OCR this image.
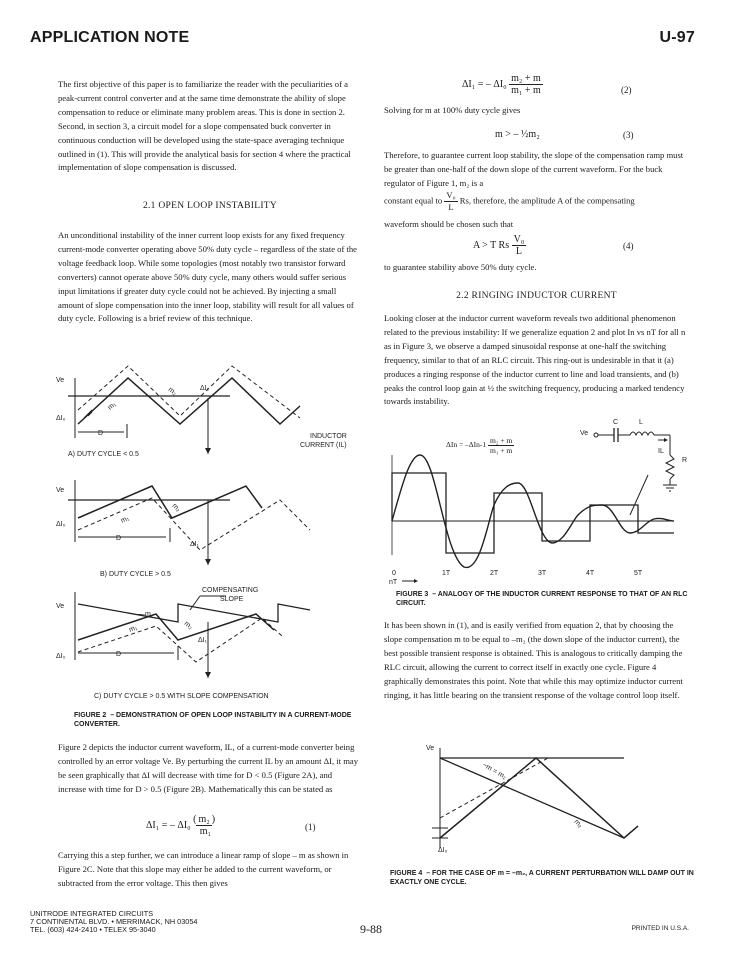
APPLICATION NOTE	U-97
The first objective of this paper is to familiarize the reader with the peculiarities of a peak-current control converter and at the same time demonstrate the ability of slope compensation to reduce or eliminate many problem areas. This is done in section 2. Second, in section 3, a circuit model for a slope compensated buck converter in continuous conduction will be developed using the state-space averaging technique outlined in (1). This will provide the analytical basis for section 4 where the practical implementation of slope compensation is discussed.
2.1 OPEN LOOP INSTABILITY
An unconditional instability of the inner current loop exists for any fixed frequency current-mode converter operating above 50% duty cycle – regardless of the state of the voltage feedback loop. While some topologies (most notably two transistor forward converters) cannot operate above 50% duty cycle, many others would suffer serious input limitations if greater duty cycle could not be achieved. By injecting a small amount of slope compensation into the inner loop, stability will result for all values of duty cycle. Following is a brief review of this technique.
Ve
ΔI₀
ΔI₁
m₁
m₂
D	INDUCTOR
CURRENT (IL)
A) DUTY CYCLE < 0.5
Ve
ΔI₀
ΔI₁
m₁
m₂
D
B) DUTY CYCLE > 0.5
Ve
ΔI₀
ΔI₁
—m
m₁	m₂
D
COMPENSATING
SLOPE
C) DUTY CYCLE > 0.5 WITH SLOPE COMPENSATION
FIGURE 2 – DEMONSTRATION OF OPEN LOOP INSTABILITY IN A CURRENT-MODE CONVERTER.
Figure 2 depicts the inductor current waveform, IL, of a current-mode converter being controlled by an error voltage Ve. By perturbing the current IL by an amount ΔI, it may be seen graphically that ΔI will decrease with time for D < 0.5 (Figure 2A), and increase with time for D > 0.5 (Figure 2B). Mathematically this can be stated as
ΔI₁ = – ΔI₀ ( m₂ )
m₁	(1)
Carrying this a step further, we can introduce a linear ramp of slope – m as shown in Figure 2C. Note that this slope may either be added to the current waveform, or subtracted from the error voltage. This then gives
ΔI₁ = – $\Delta I_0 \frac{\text{m₂ + m}}{\text{m₁ + m}}$	(2)
Solving for m at 100% duty cycle gives
m > – ½m₂	(3)
Therefore, to guarantee current loop stability, the slope of the compensation ramp must be greater than one-half of the down slope of the current waveform. For the buck regulator of Figure 1, m₂ is a
constant equal to $\frac{\text{V₀}}{L} Rs$, therefore, the amplitude A of the compensating
waveform should be chosen such that
A > T Rs $\frac{\text{V₀}}{L}$	(4)
to guarantee stability above 50% duty cycle.
2.2 RINGING INDUCTOR CURRENT
Looking closer at the inductor current waveform reveals two additional phenomenon related to the previous instability: If we generalize equation 2 and plot In vs nT for all n as in Figure 3, we observe a damped sinusoidal response at one-half the switching frequency, similar to that of an RLC circuit. This ring-out is undesirable in that it (a) produces a ringing response of the inductor current to line and load transients, and (b) peaks the control loop gain at ½ the switching frequency, producing a marked tendency towards instability.
$\Delta In = -\Delta In-1 \frac{\text{m₂ + m}}{\text{m₁ + m}}$
Ve
C	L
IL
R
0	1T	2T	3T	4T	5T
nT
FIGURE 3 – ANALOGY OF THE INDUCTOR CURRENT RESPONSE TO THAT OF AN RLC CIRCUIT.
It has been shown in (1), and is easily verified from equation 2, that by choosing the slope compensation m to be equal to –m₂ (the down slope of the inductor current), the best possible transient response is obtained. This is analogous to critically damping the RLC circuit, allowing the current to correct itself in exactly one cycle. Figure 4 graphically demonstrates this point. Note that while this may optimize inductor current ringing, it has little bearing on the transient response of the voltage control loop itself.
Ve
−m = m₂
m₂
ΔI₀
FIGURE 4 – FOR THE CASE OF m = –m₂, A CURRENT PERTURBATION WILL DAMP OUT IN EXACTLY ONE CYCLE.
UNITRODE INTEGRATED CIRCUITS
7 CONTINENTAL BLVD. • MERRIMACK, NH 03054
TEL. (603) 424-2410 • TELEX 95-3040	9-88	PRINTED IN U.S.A.
